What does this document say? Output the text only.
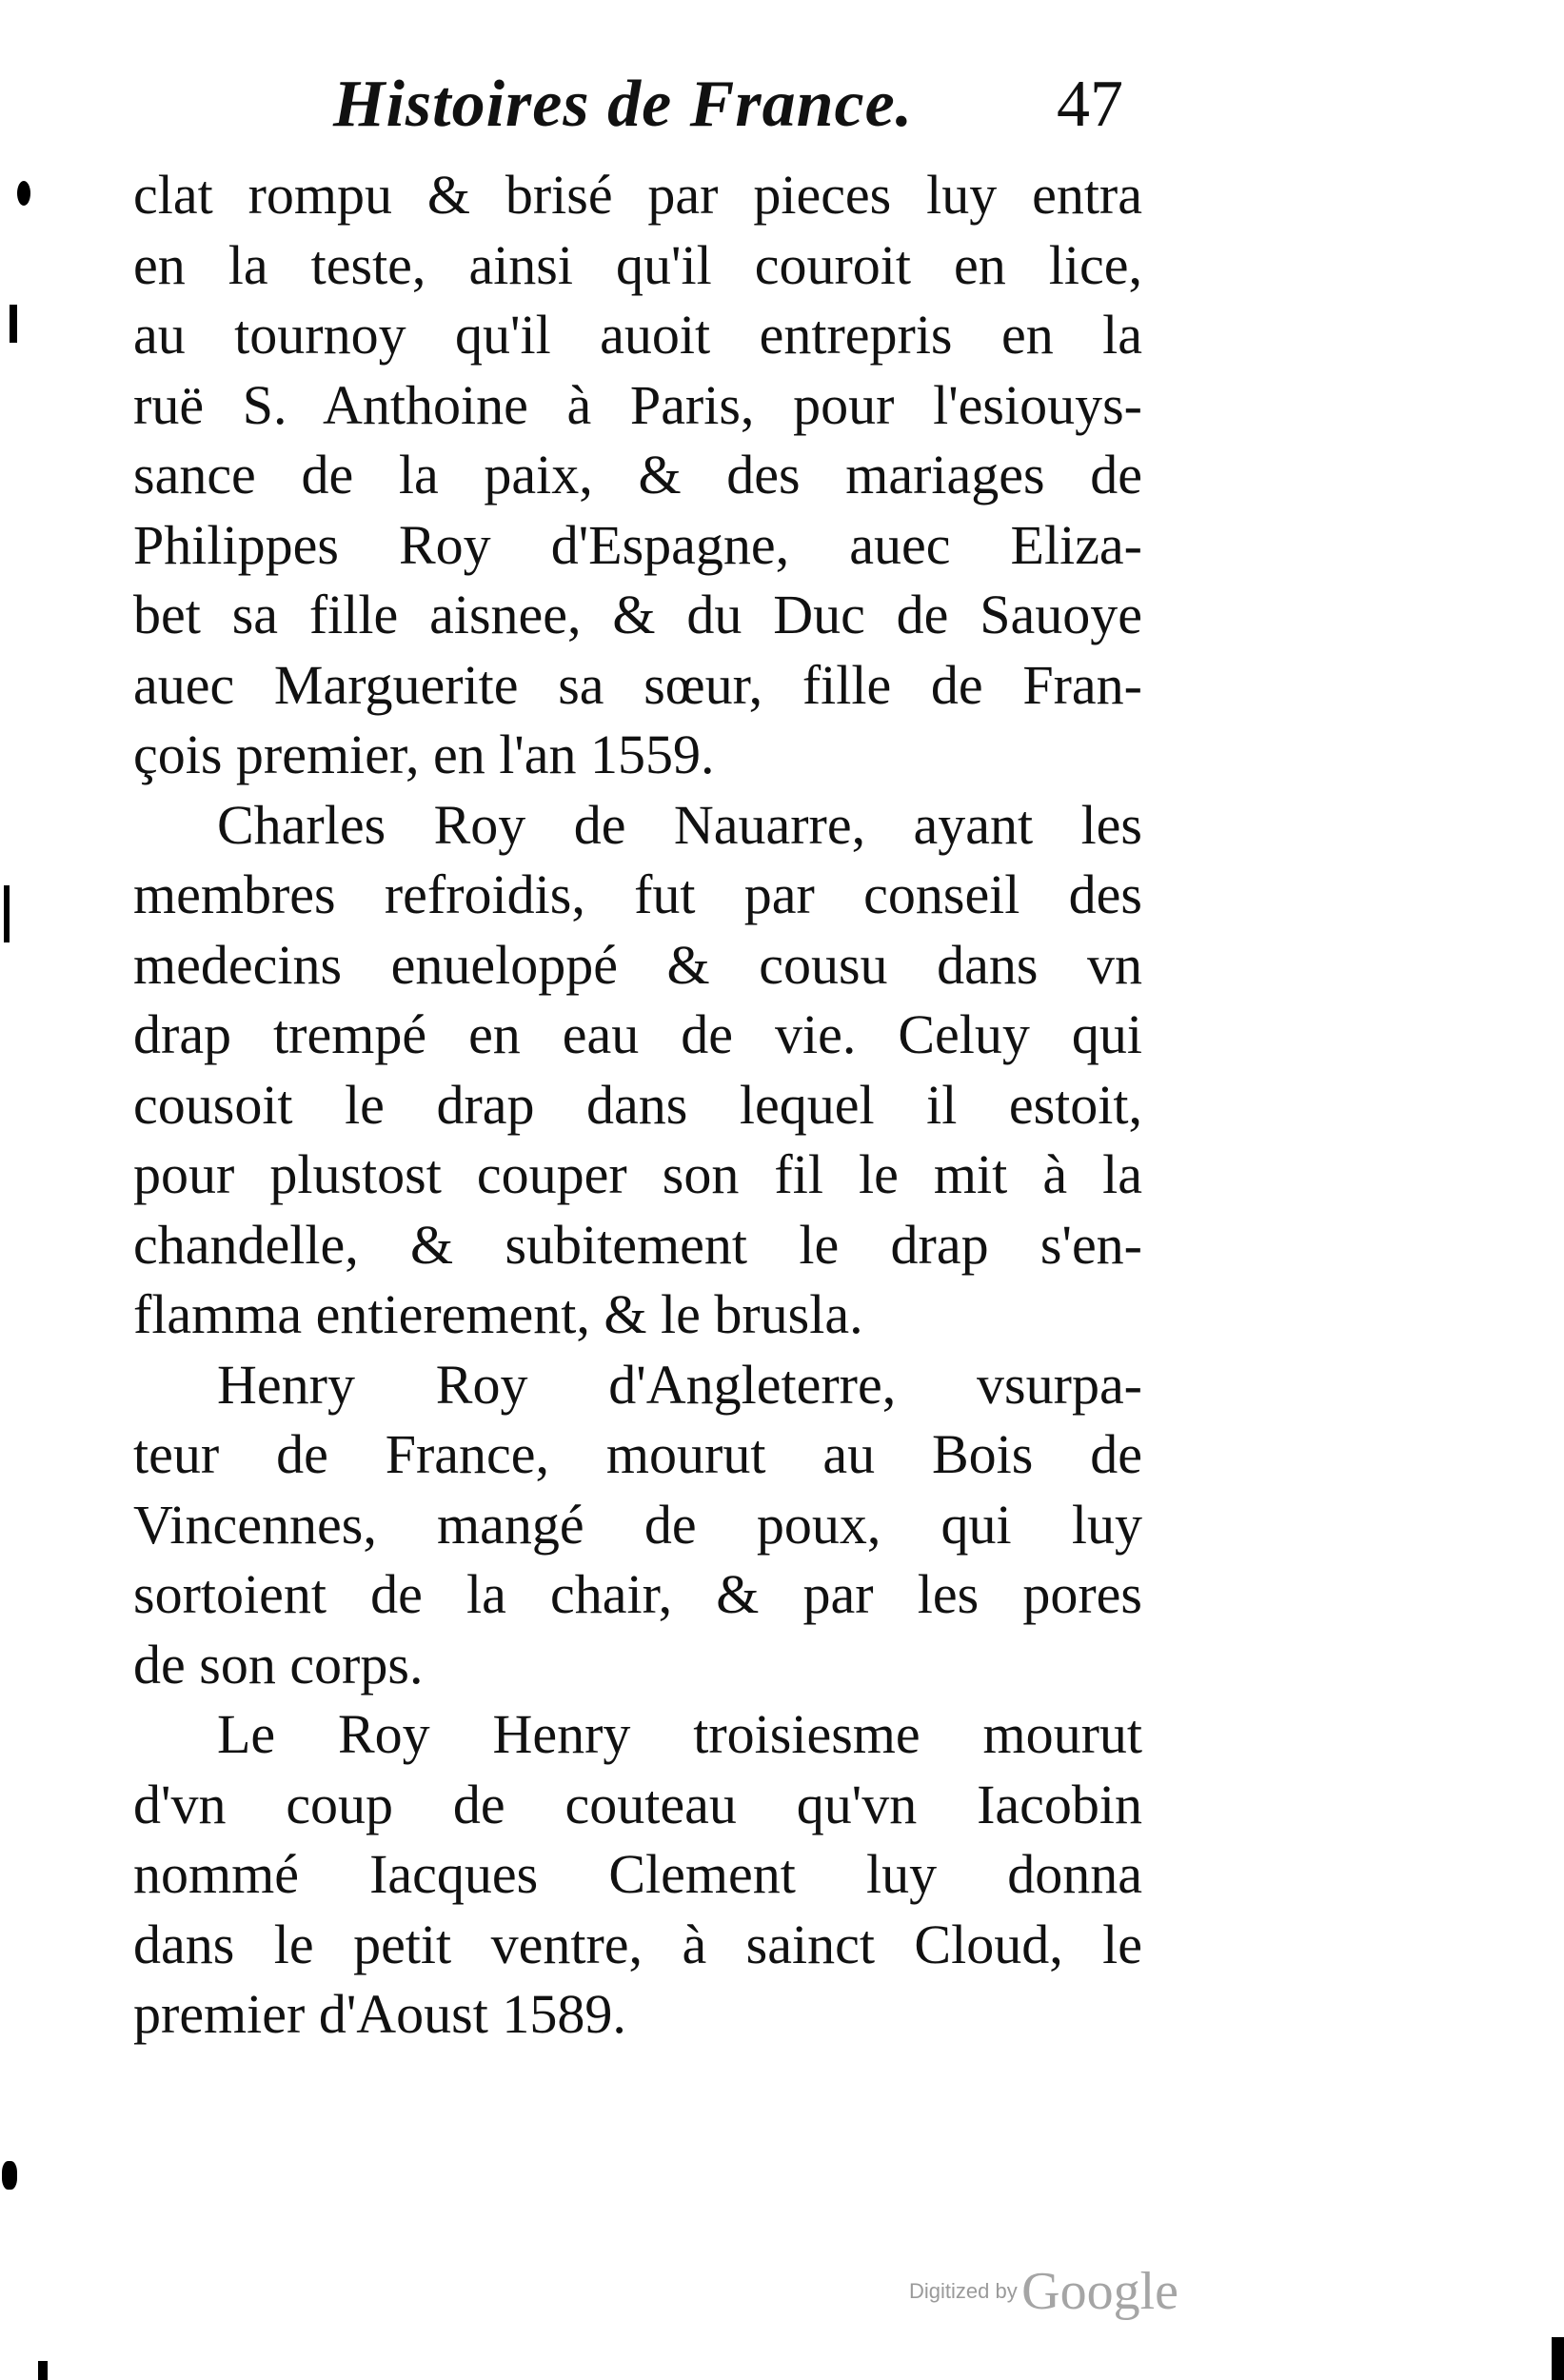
Histoires de France. 47
clat rompu & brisé par pieces luy entra
en la teste, ainsi qu'il couroit en lice,
au tournoy qu'il auoit entrepris en la
ruë S. Anthoine à Paris, pour l'esiouys-
sance de la paix, & des mariages de
Philippes Roy d'Espagne, auec Eliza-
bet sa fille aisnee, & du Duc de Sauoye
auec Marguerite sa sœur, fille de Fran-
çois premier, en l'an 1559.
Charles Roy de Nauarre, ayant les
membres refroidis, fut par conseil des
medecins enueloppé & cousu dans vn
drap trempé en eau de vie. Celuy qui
cousoit le drap dans lequel il estoit,
pour plustost couper son fil le mit à la
chandelle, & subitement le drap s'en-
flamma entierement, & le brusla.
Henry Roy d'Angleterre, vsurpa-
teur de France, mourut au Bois de
Vincennes, mangé de poux, qui luy
sortoient de la chair, & par les pores
de son corps.
Le Roy Henry troisiesme mourut
d'vn coup de couteau qu'vn Iacobin
nommé Iacques Clement luy donna
dans le petit ventre, à sainct Cloud, le
premier d'Aoust 1589.
Digitized by Google
